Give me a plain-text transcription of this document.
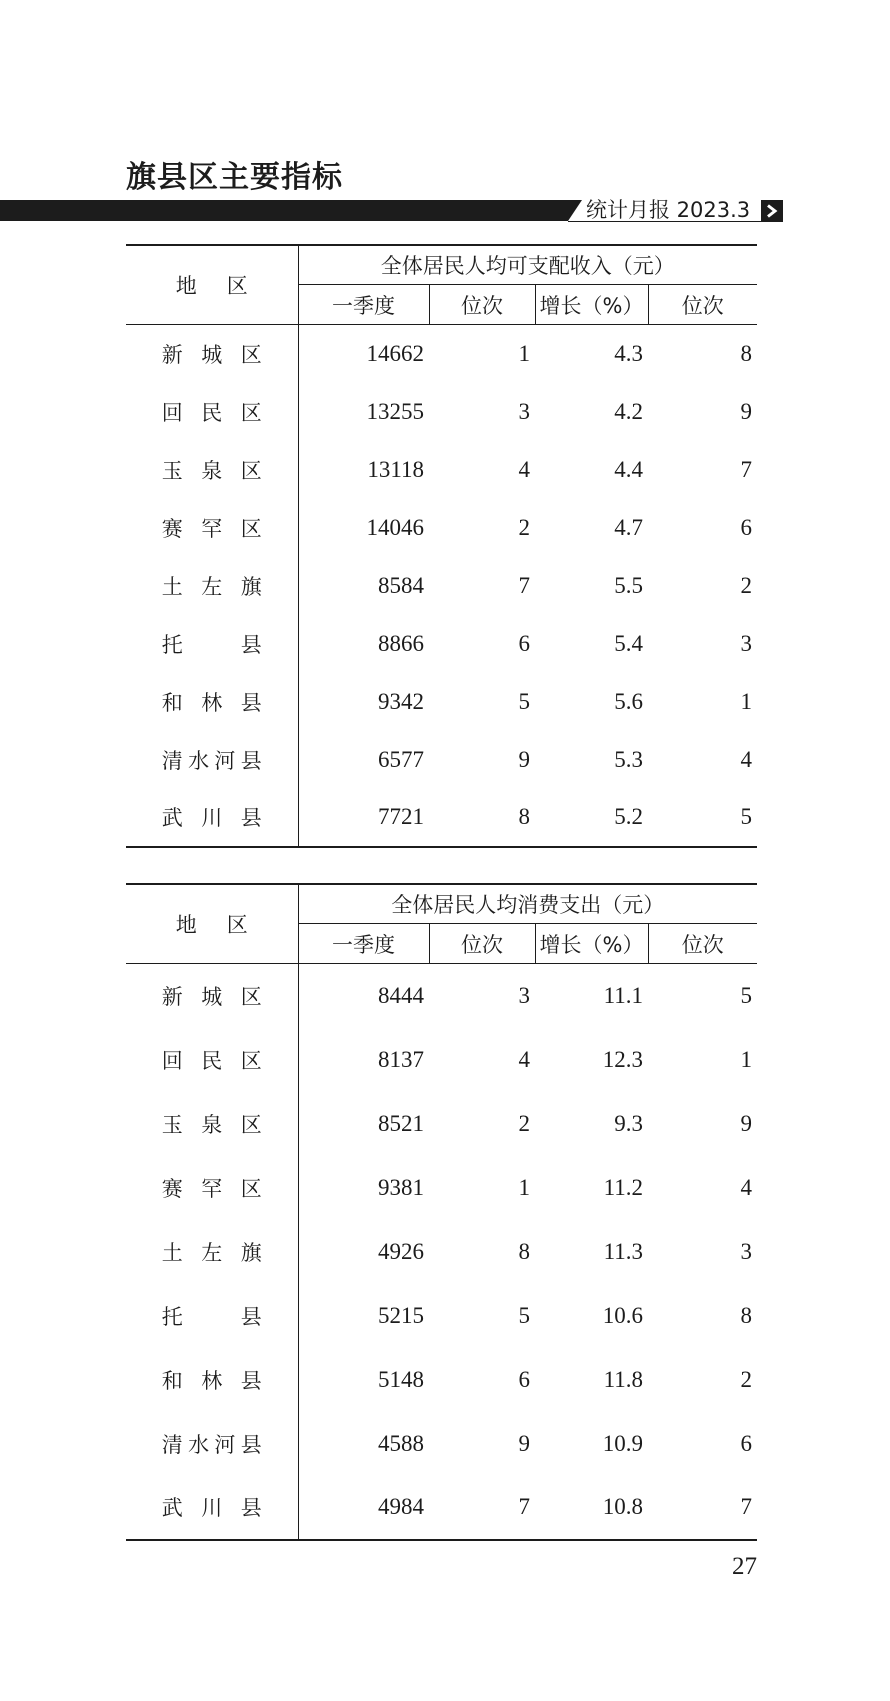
旗县区主要指标
统计月报 2023.3
地 区	全体居民人均可支配收入（元）			
	一季度	位次	增长（%）	位次

新 城 区	14662	1	4.3	8

回 民 区	13255	3	4.2	9

玉 泉 区	13118	4	4.4	7

赛 罕 区	14046	2	4.7	6

土 左 旗	8584	7	5.5	2

托 县	8866	6	5.4	3

和 林 县	9342	5	5.6	1

清 水 河 县	6577	9	5.3	4

武 川 县	7721	8	5.2	5
地 区	全体居民人均消费支出（元）			
	一季度	位次	增长（%）	位次

新 城 区	8444	3	11.1	5

回 民 区	8137	4	12.3	1

玉 泉 区	8521	2	9.3	9

赛 罕 区	9381	1	11.2	4

土 左 旗	4926	8	11.3	3

托 县	5215	5	10.6	8

和 林 县	5148	6	11.8	2

清 水 河 县	4588	9	10.9	6

武 川 县	4984	7	10.8	7
27
